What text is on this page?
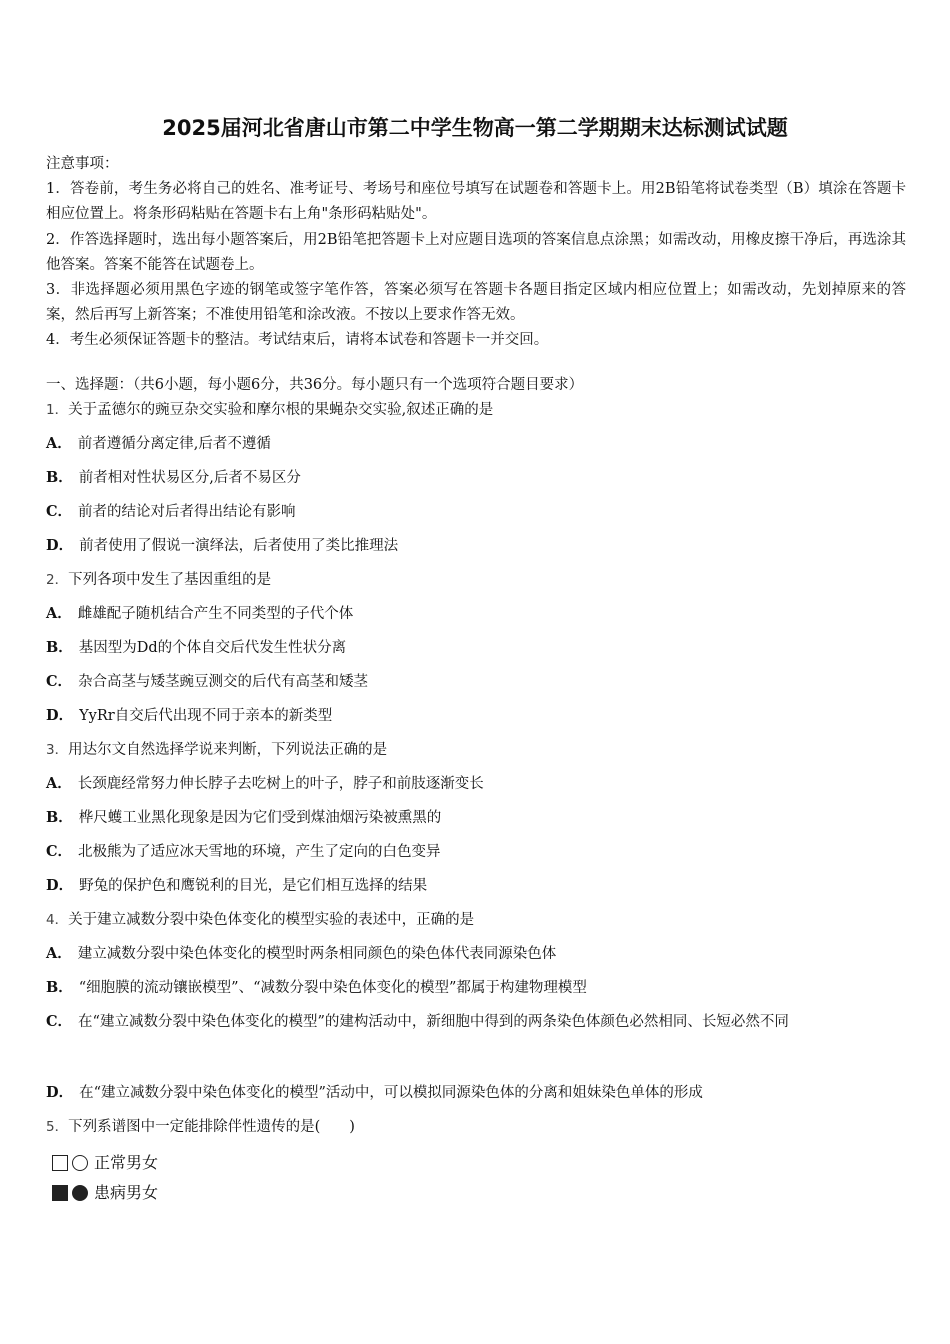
2025届河北省唐山市第二中学生物高一第二学期期末达标测试试题

注意事项：

1．答卷前，考生务必将自己的姓名、准考证号、考场号和座位号填写在试题卷和答题卡上。用2B铅笔将试卷类型（B）填涂在答题卡相应位置上。将条形码粘贴在答题卡右上角"条形码粘贴处"。

2．作答选择题时，选出每小题答案后，用2B铅笔把答题卡上对应题目选项的答案信息点涂黑；如需改动，用橡皮擦干净后，再选涂其他答案。答案不能答在试题卷上。

3．非选择题必须用黑色字迹的钢笔或签字笔作答，答案必须写在答题卡各题目指定区域内相应位置上；如需改动，先划掉原来的答案，然后再写上新答案；不准使用铅笔和涂改液。不按以上要求作答无效。

4．考生必须保证答题卡的整洁。考试结束后，请将本试卷和答题卡一并交回。

一、选择题：（共6小题，每小题6分，共36分。每小题只有一个选项符合题目要求）
1．关于孟德尔的豌豆杂交实验和摩尔根的果蝇杂交实验,叙述正确的是
A． 前者遵循分离定律,后者不遵循
B． 前者相对性状易区分,后者不易区分
C． 前者的结论对后者得出结论有影响
D． 前者使用了假说一演绎法，后者使用了类比推理法
2．下列各项中发生了基因重组的是
A． 雌雄配子随机结合产生不同类型的子代个体
B． 基因型为Dd的个体自交后代发生性状分离
C． 杂合高茎与矮茎豌豆测交的后代有高茎和矮茎
D． YyRr自交后代出现不同于亲本的新类型
3．用达尔文自然选择学说来判断，下列说法正确的是
A． 长颈鹿经常努力伸长脖子去吃树上的叶子，脖子和前肢逐渐变长
B． 桦尺蠖工业黑化现象是因为它们受到煤油烟污染被熏黑的
C． 北极熊为了适应冰天雪地的环境，产生了定向的白色变异
D． 野兔的保护色和鹰锐利的目光，是它们相互选择的结果
4．关于建立减数分裂中染色体变化的模型实验的表述中，正确的是
A． 建立减数分裂中染色体变化的模型时两条相同颜色的染色体代表同源染色体
B． “细胞膜的流动镶嵌模型”、“减数分裂中染色体变化的模型”都属于构建物理模型
C． 在“建立减数分裂中染色体变化的模型”的建构活动中，新细胞中得到的两条染色体颜色必然相同、长短必然不同
D． 在“建立减数分裂中染色体变化的模型”活动中，可以模拟同源染色体的分离和姐妹染色单体的形成
5．下列系谱图中一定能排除伴性遗传的是(　　)
正常男女
患病男女
